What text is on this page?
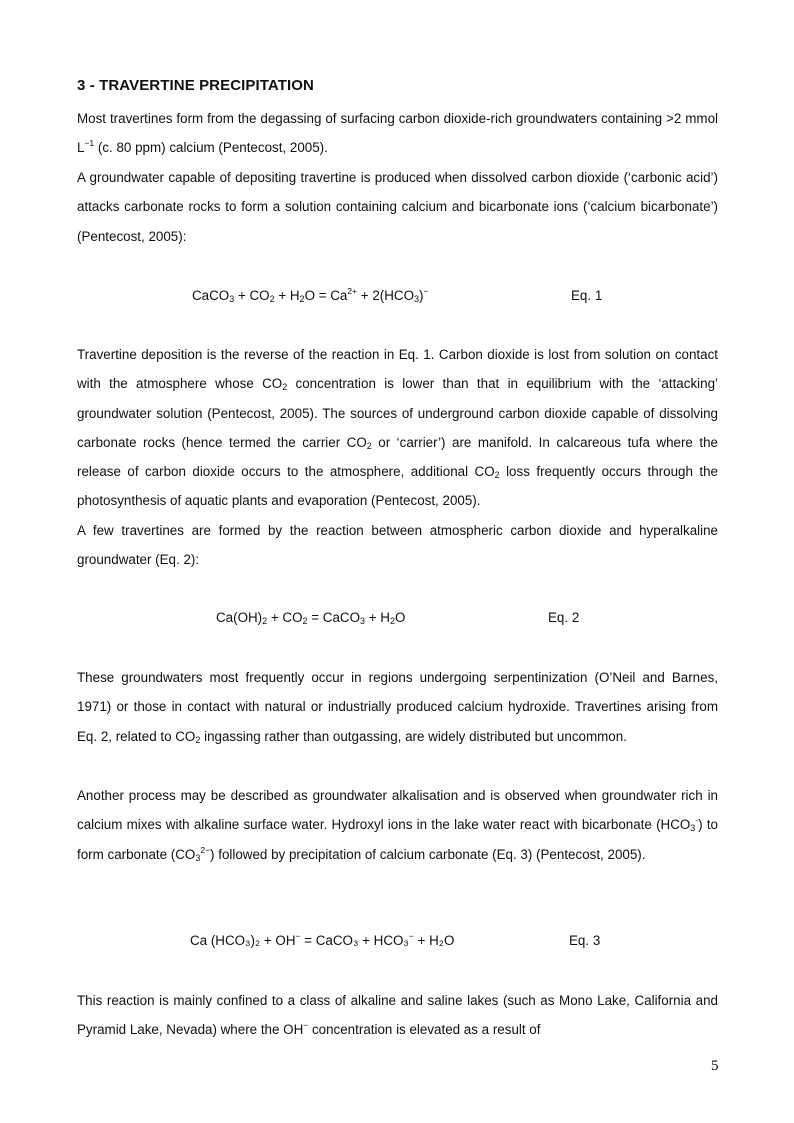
3 - TRAVERTINE PRECIPITATION

Most travertines form from the degassing of surfacing carbon dioxide-rich groundwaters containing >2 mmol $L^{-1}$ (c. 80 ppm) calcium (Pentecost, 2005).

A groundwater capable of depositing travertine is produced when dissolved carbon dioxide (‘carbonic acid’) attacks carbonate rocks to form a solution containing calcium and bicarbonate ions (‘calcium bicarbonate’) (Pentecost, 2005):

CaCO$_3$ + $CO_2 + H_2O = Ca^{2+} + 2(HCO_3)^-$	Eq. 1

Travertine deposition is the reverse of the reaction in Eq. 1. Carbon dioxide is lost from solution on contact with the atmosphere whose $CO_2$ concentration is lower than that in equilibrium with the ‘attacking’ groundwater solution (Pentecost, 2005). The sources of underground carbon dioxide capable of dissolving carbonate rocks (hence termed the carrier $CO_2$ or ‘carrier’) are manifold. In calcareous tufa where the release of carbon dioxide occurs to the atmosphere, additional $CO_2$ loss frequently occurs through the photosynthesis of aquatic plants and evaporation (Pentecost, 2005).

A few travertines are formed by the reaction between atmospheric carbon dioxide and hyperalkaline groundwater (Eq. 2):

$Ca(OH)_2 + CO_2$ = CaCO$_3$ + $H_2O$	Eq. 2

These groundwaters most frequently occur in regions undergoing serpentinization (O’Neil and Barnes, 1971) or those in contact with natural or industrially produced calcium hydroxide. Travertines arising from Eq. 2, related to $CO_2$ ingassing rather than outgassing, are widely distributed but uncommon.

Another process may be described as groundwater alkalisation and is observed when groundwater rich in calcium mixes with alkaline surface water. Hydroxyl ions in the lake water react with bicarbonate $(HCO_3^-)$ to form carbonate $(CO_3^{2-})$ followed by precipitation of calcium carbonate (Eq. 3) (Pentecost, 2005).

Ca (HCO₃)₂ + OH− = CaCO₃ + HCO₃− + H₂O	Eq. 3

This reaction is mainly confined to a class of alkaline and saline lakes (such as Mono Lake, California and Pyramid Lake, Nevada) where the OH− concentration is elevated as a result of

5
